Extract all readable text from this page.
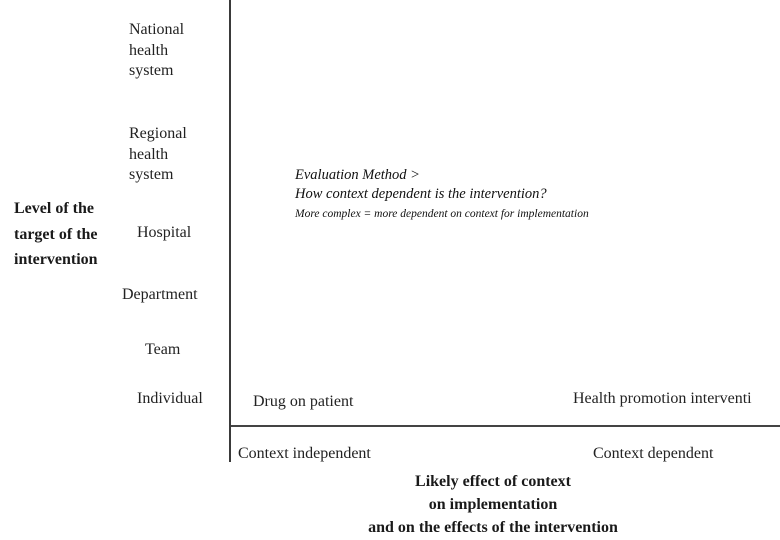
Level of the
target of the
intervention
National
health
system
Regional
health
system
Hospital
Department
Team
Individual
Evaluation Method >
How context dependent is the intervention?
More complex = more dependent on context for implementation
Drug on patient	Health promotion interventi
Context independent	Context dependent
Likely effect of context
on implementation
and on the effects of the intervention
